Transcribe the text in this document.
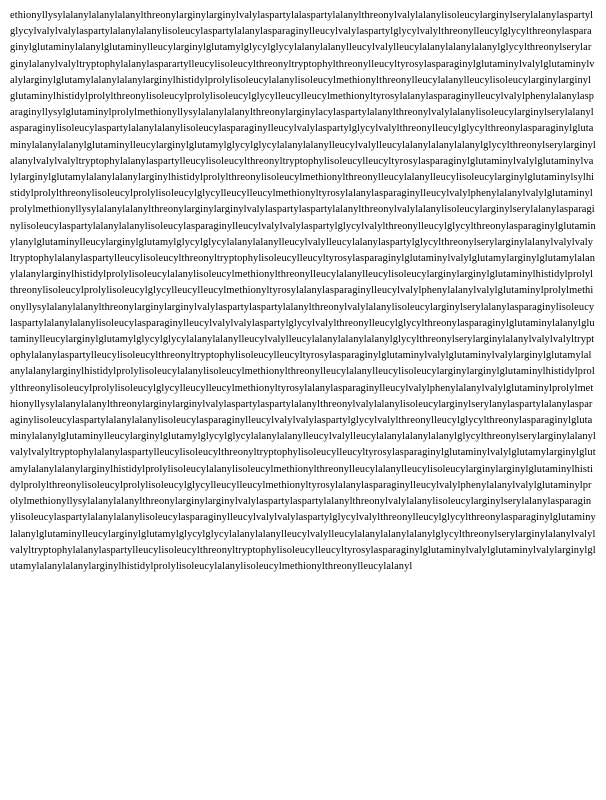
ethionyllysylalanylalanylalanylthreonylarginylarginylvalylaspartylalaspartylalanylthreonylvalylalanylisoleucylarginylserylalanylaspartylglycylvalylvalylaspartylalanylalanylisoleucylaspartylalanylasparaginylleucylvalylaspartylglycylvalylthreonylleucylglycylthreonylasparaginylglutaminylalanylglutaminylleucylarginylglutamylglycylglycylalanylalanylleucylvalylleucylalanylalanylalanylglycylthreonylserylarginylalanylvalyltryptophylalanylasparartylleucylisoleucylthreonyltryptophylthreonylleucyltyrosylasparaginylglutaminylvalylglutaminylvalylarginylglutamylalanylalanylarginylhistidylprolylisoleucylalanylisoleucylmethionylthreonylleucylalanylleucylisoleucylarginylarginylglutaminylhistidylprolylthreonylisoleucylprolylisoleucylglycylleucylleucylmethionyltyrosylalanylasparaginylleucylvalylphenylalanylasparaginyllysylglutaminylprolylmethionyllysylalanylalanylthreonylarginylacylaspartylalanylthreonylvalylalanylisoleucylarginylserylalanylasparaginylisoleucylaspartylalanylalanylisoleucylasparaginylleucylvalylaspartylglycylvalylthreonylleucylglycylthreonylasparaginylglutaminylalanylalanylglutaminylleucylarginylglutamylglycylglycylalanylalanylleucylvalylleucylalanylalanylalanylglycylthreonylserylarginylalanylvalylvalyltryptophylalanylaspartylleucylisoleucylthreonyltryptophylisoleucylleucyltyrosylasparaginylglutaminylvalylglutaminylvalylarginylglutamylalanylalanylarginylhistidylprolylthreonylisoleucylmethionylthreonylleucylalanylleucylisoleucylarginylglutaminylsylhistidylprolylthreonylisoleucylprolylisoleucylglycylleucylleucylmethionyltyrosylalanylasparaginylleucylvalylphenylalanylvalylglutaminylprolylmethionyllysylalanylalanylthreonylarginylarginylvalylaspartylaspartylalanylthreonylvalylalanylisoleucylarginylserylalanylasparaginylisoleucylaspartylalanylalanylisoleucylasparaginylleucylvalylvalylaspartylglycylvalylthreonylleucylglycylthreonylasparaginylglutaminylanylglutaminylleucylarginylglutamylglycylglycylalanylalanylleucylvalylleucylalanylaspartylglycylthreonylserylarginylalanylvalylvalyltryptophylalanylaspartylleucylisoleucylthreonyltryptophylisoleucylleucyltyrosylasparaginylglutaminylvalylglutamylarginylglutamylalanylalanylarginylhistidylprolylisoleucylalanylisoleucylmethionylthreonylleucylalanylleucylisoleucylarginylarginylglutaminylhistidylprolylthreonylisoleucylprolylisoleucylglycylleucylleucylmethionyltyrosylalanylasparaginylleucylvalylphenylalanylvalylglutaminylprolylmethionyllysylalanylalanylthreonylarginylarginylvalylaspartylaspartylalanylthreonylvalylalanylisoleucylarginylserylalanylasparaginylisoleucylaspartylalanylalanylisoleucylasparaginylleucylvalylvalylaspartylglycylvalylthreonylleucylglycylthreonylasparaginylglutaminylalanylglutaminylleucylarginylglutamylglycylglycylalanylalanylleucylvalylleucylalanylalanylalanylglycylthreonylserylarginylalanylvalylvalyltryptophylalanylaspartylleucylisoleucylthreonyltryptophylisoleucylleucyltyrosylasparaginylglutaminylvalylglutaminylvalylarginylglutamylalanylalanylarginylhistidylprolylisoleucylalanylisoleucylmethionylthreonylleucylalanylleucylisoleucylarginylarginylglutaminylhistidylprolylthreonylisoleucylprolylisoleucylglycylleucylleucylmethionyltyrosylalanylasparaginylleucylvalylphenylalanylvalylglutaminylprolylmethionyllysylalanylalanylthreonylarginylarginylvalylaspartylaspartylalanylthreonylvalylalanylisoleucylarginylserylanylaspartylalanylasparaginylisoleucylaspartylalanylalanylisoleucylasparaginylleucylvalylvalylaspartylglycylvalylthreonylleucylglycylthreonylasparaginylglutaminylalanylglutaminylleucylarginylglutamylglycylglycylalanylalanylleucylvalylleucylalanylalanylalanylglycylthreonylserylarginylalanylvalylvalyltryptophylalanylaspartylleucylisoleucylthreonyltryptophylisoleucylleucyltyrosylasparaginylglutaminylvalylglutamylarginylglutamylalanylalanylarginylhistidylprolylisoleucylalanylisoleucylmethionylthreonylleucylalanylleucylisoleucylarginylarginylglutaminylhistidylprolylthreonylisoleucylprolylisoleucylglycylleucylleucylmethionyltyrosylalanylasparaginylleucylvalylphenylalanylvalylglutaminylprolylmethionyllysylalanylalanylthreonylarginylarginylvalylaspartylaspartylalanylthreonylvalylalanylisoleucylarginylserylalanylasparaginylisoleucylaspartylalanylalanylisoleucylasparaginylleucylvalylvalylaspartylglycylvalylthreonylleucylglycylthreonylasparaginylglutaminylalanylglutaminylleucylarginylglutamylglycylglycylalanylalanylleucylvalylleucylalanylalanylalanylglycylthreonylserylarginylalanylvalylvalyltryptophylalanylaspartylleucylisoleucylthreonyltryptophylisoleucylleucyltyrosylasparaginylglutaminylvalylglutaminylvalylarginylglutamylalanylalanylarginylhistidylprolylisoleucylalanylisoleucylmethionylthreonylleucylalanyl
